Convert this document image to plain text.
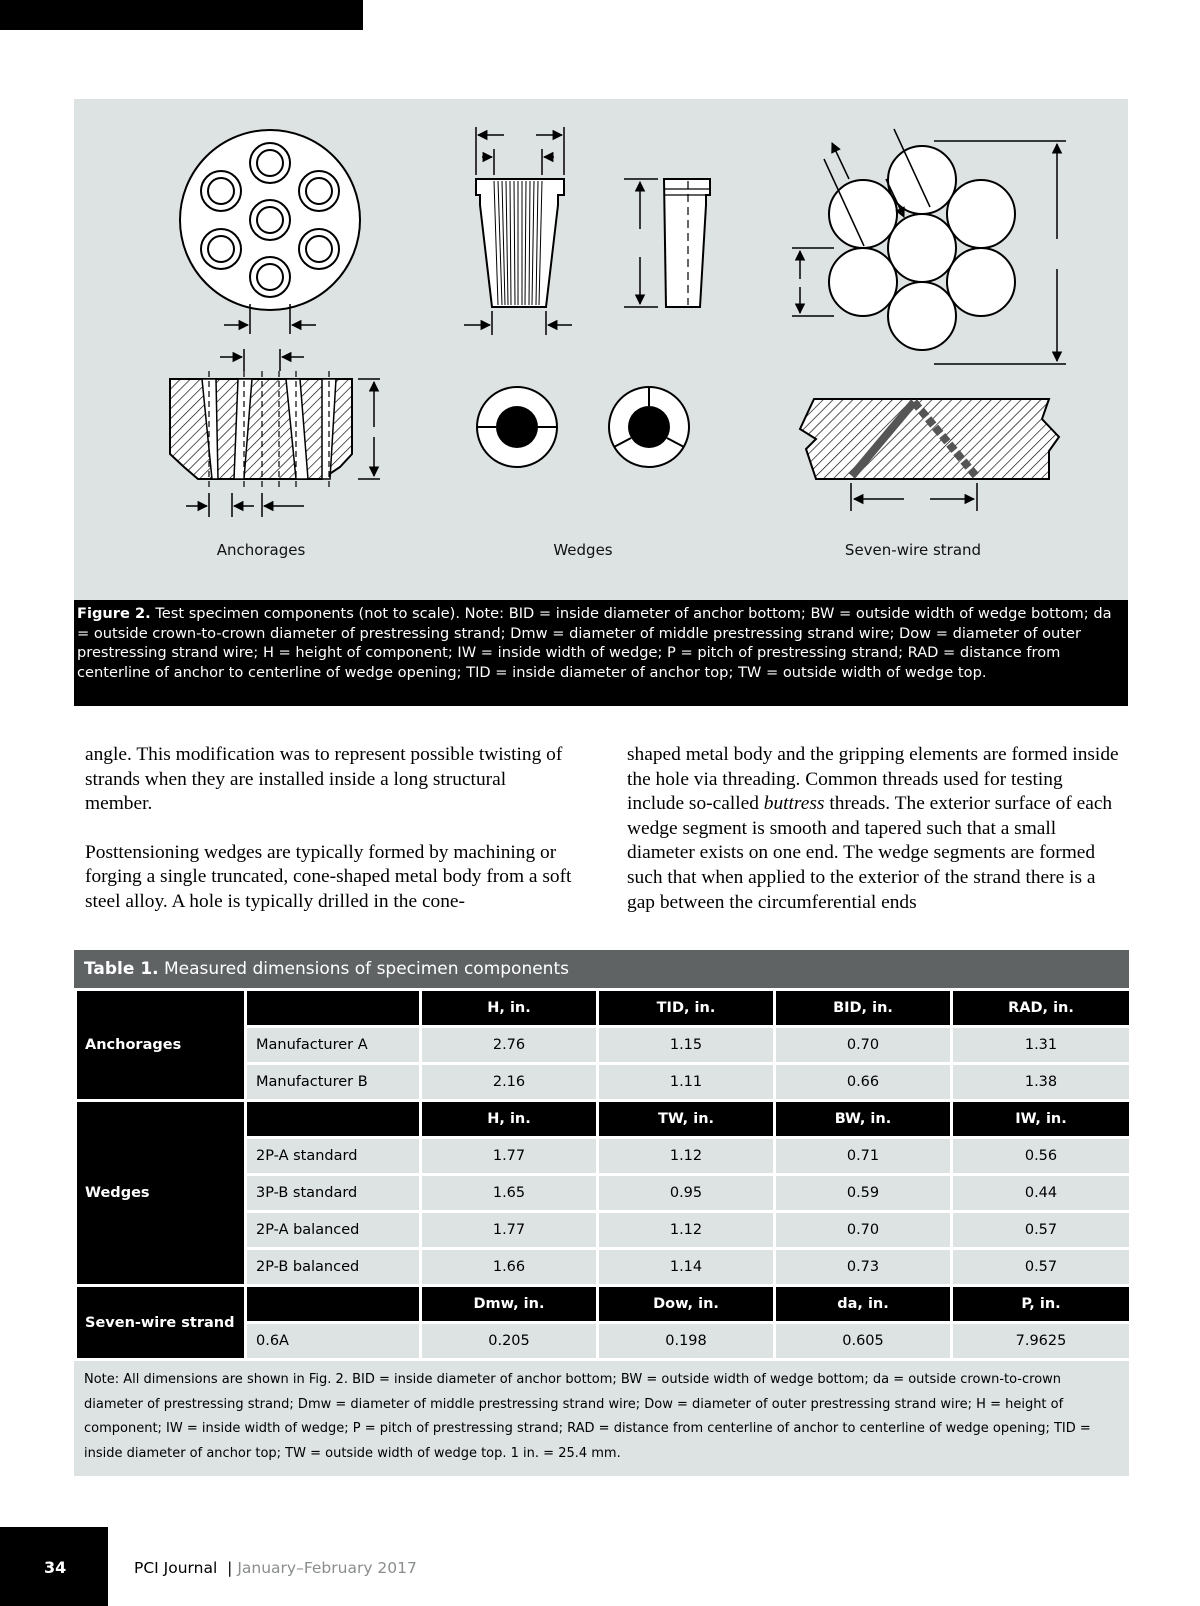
Anchorages	Wedges	Seven-wire strand
Figure 2. Test specimen components (not to scale). Note: BID = inside diameter of anchor bottom; BW = outside width of wedge bottom; da = outside crown-to-crown diameter of prestressing strand; Dmw = diameter of middle prestressing strand wire; Dow = diameter of outer prestressing strand wire; H = height of component; IW = inside width of wedge; P = pitch of prestressing strand; RAD = distance from centerline of anchor to centerline of wedge opening; TID = inside diameter of anchor top; TW = outside width of wedge top.

angle. This modification was to represent possible twisting of strands when they are installed inside a long structural member.

Posttensioning wedges are typically formed by machining or forging a single truncated, cone-shaped metal body from a soft steel alloy. A hole is typically drilled in the cone-

shaped metal body and the gripping elements are formed inside the hole via threading. Common threads used for testing include so-called buttress threads. The exterior surface of each wedge segment is smooth and tapered such that a small diameter exists on one end. The wedge segments are formed such that when applied to the exterior of the strand there is a gap between the circumferential ends

Table 1. Measured dimensions of specimen components
Anchorages		H, in.	TID, in.	BID, in.	RAD, in.
	Manufacturer A	2.76	1.15	0.70	1.31
	Manufacturer B	2.16	1.11	0.66	1.38
Wedges		H, in.	TW, in.	BW, in.	IW, in.
	2P-A standard	1.77	1.12	0.71	0.56
	3P-B standard	1.65	0.95	0.59	0.44
	2P-A balanced	1.77	1.12	0.70	0.57
	2P-B balanced	1.66	1.14	0.73	0.57
Seven-wire strand		Dmw, in.	Dow, in.	da, in.	P, in.
	0.6A	0.205	0.198	0.605	7.9625
Note: All dimensions are shown in Fig. 2. BID = inside diameter of anchor bottom; BW = outside width of wedge bottom; da = outside crown-to-crown diameter of prestressing strand; Dmw = diameter of middle prestressing strand wire; Dow = diameter of outer prestressing strand wire; H = height of component; IW = inside width of wedge; P = pitch of prestressing strand; RAD = distance from centerline of anchor to centerline of wedge opening; TID = inside diameter of anchor top; TW = outside width of wedge top. 1 in. = 25.4 mm.
34	PCI Journal | January–February 2017
